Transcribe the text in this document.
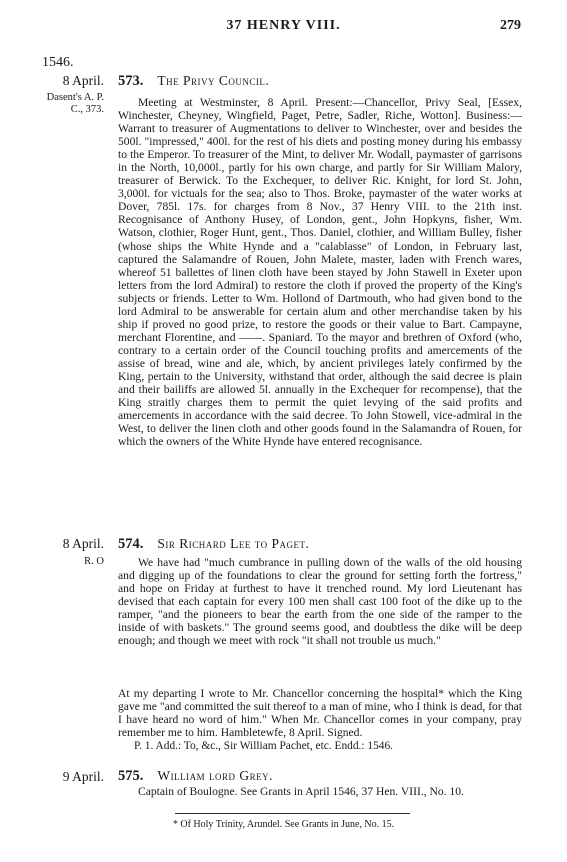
37 HENRY VIII.	279
1546.
8 April.
Dasent's A. P. C., 373.
573. The Privy Council.
Meeting at Westminster, 8 April. Present:—Chancellor, Privy Seal, [Essex, Winchester, Cheyney, Wingfield, Paget, Petre, Sadler, Riche, Wotton]. Business:—Warrant to treasurer of Augmentations to deliver to Winchester, over and besides the 500l. "impressed," 400l. for the rest of his diets and posting money during his embassy to the Emperor. To treasurer of the Mint, to deliver Mr. Wodall, paymaster of garrisons in the North, 10,000l., partly for his own charge, and partly for Sir William Malory, treasurer of Berwick. To the Exchequer, to deliver Ric. Knight, for lord St. John, 3,000l. for victuals for the sea; also to Thos. Broke, paymaster of the water works at Dover, 785l. 17s. for charges from 8 Nov., 37 Henry VIII. to the 21th inst. Recognisance of Anthony Husey, of London, gent., John Hopkyns, fisher, Wm. Watson, clothier, Roger Hunt, gent., Thos. Daniel, clothier, and William Bulley, fisher (whose ships the White Hynde and a "calablasse" of London, in February last, captured the Salamandre of Rouen, John Malete, master, laden with French wares, whereof 51 ballettes of linen cloth have been stayed by John Stawell in Exeter upon letters from the lord Admiral) to restore the cloth if proved the property of the King's subjects or friends. Letter to Wm. Hollond of Dartmouth, who had given bond to the lord Admiral to be answerable for certain alum and other merchandise taken by his ship if proved no good prize, to restore the goods or their value to Bart. Campayne, merchant Florentine, and ——. Spaniard. To the mayor and brethren of Oxford (who, contrary to a certain order of the Council touching profits and amercements of the assise of bread, wine and ale, which, by ancient privileges lately confirmed by the King, pertain to the University, withstand that order, although the said decree is plain and their bailiffs are allowed 5l. annually in the Exchequer for recompense), that the King straitly charges them to permit the quiet levying of the said profits and amercements in accordance with the said decree. To John Stowell, vice-admiral in the West, to deliver the linen cloth and other goods found in the Salamandra of Rouen, for which the owners of the White Hynde have entered recognisance.
8 April.
R. O
574. Sir Richard Lee to Paget.
We have had "much cumbrance in pulling down of the walls of the old housing and digging up of the foundations to clear the ground for setting forth the fortress," and hope on Friday at furthest to have it trenched round. My lord Lieutenant has devised that each captain for every 100 men shall cast 100 foot of the dike up to the ramper, "and the pioneers to bear the earth from the one side of the ramper to the inside of with baskets." The ground seems good, and doubtless the dike will be deep enough; and though we meet with rock "it shall not trouble us much."
At my departing I wrote to Mr. Chancellor concerning the hospital* which the King gave me "and committed the suit thereof to a man of mine, who I think is dead, for that I have heard no word of him." When Mr. Chancellor comes in your company, pray remember me to him. Hambletewfe, 8 April. Signed.
P. 1. Add.: To, &c., Sir William Pachet, etc. Endd.: 1546.
9 April. 575. William lord Grey.
Captain of Boulogne. See Grants in April 1546, 37 Hen. VIII., No. 10.
* Of Holy Trinity, Arundel. See Grants in June, No. 15.
